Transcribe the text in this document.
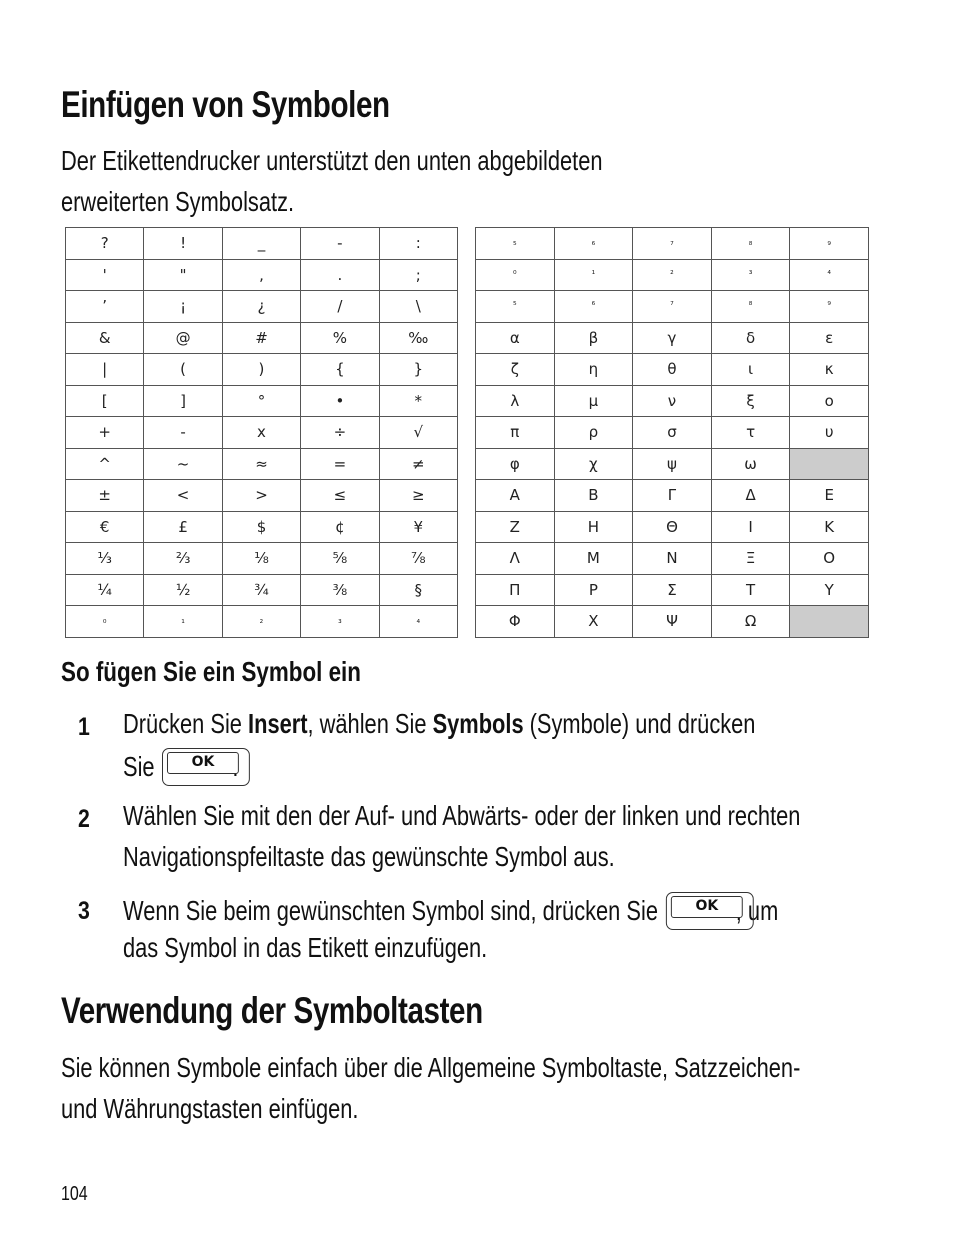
Einfügen von Symbolen
Der Etikettendrucker unterstützt den unten abgebildeten
erweiterten Symbolsatz.
?	!	_	-	:
'	"	,	.	;
’	¡	¿	/	\
&	@	#	%	‰
|	(	)	{	}
[	]	°	•	*
+	-	x	÷	√
^	~	≈	=	≠
±	<	>	≤	≥
€	£	$	¢	¥
⅓	⅔	⅛	⅝	⅞
¼	½	¾	⅜	§
₀	₁	₂	₃	₄
₅	₆	₇	₈	₉
⁰	¹	²	³	⁴
⁵	⁶	⁷	⁸	⁹
α	β	γ	δ	ε
ζ	η	θ	ι	κ
λ	μ	ν	ξ	ο
π	ρ	σ	τ	υ
φ	χ	ψ	ω	
Α	Β	Γ	Δ	Ε
Ζ	Η	Θ	Ι	Κ
Λ	Μ	Ν	Ξ	Ο
Π	Ρ	Σ	Τ	Υ
Φ	Χ	Ψ	Ω	
So fügen Sie ein Symbol ein
1 Drücken Sie Insert, wählen Sie Symbols (Symbole) und drücken
Sie	OK .
2 Wählen Sie mit den der Auf- und Abwärts- oder der linken und rechten
Navigationspfeiltaste das gewünschte Symbol aus.
3 Wenn Sie beim gewünschten Symbol sind, drücken Sie	OK , um
das Symbol in das Etikett einzufügen.
Verwendung der Symboltasten
Sie können Symbole einfach über die Allgemeine Symboltaste, Satzzeichen-
und Währungstasten einfügen.
104
